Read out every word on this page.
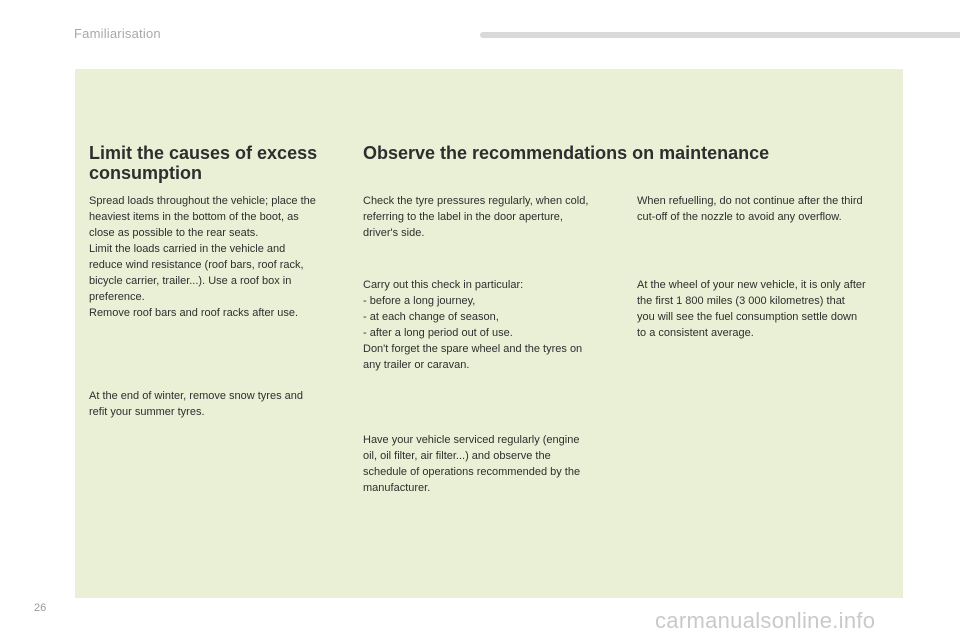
Familiarisation
Limit the causes of excess consumption
Spread loads throughout the vehicle; place the
heaviest items in the bottom of the boot, as
close as possible to the rear seats.
Limit the loads carried in the vehicle and
reduce wind resistance (roof bars, roof rack,
bicycle carrier, trailer...). Use a roof box in
preference.
Remove roof bars and roof racks after use.
At the end of winter, remove snow tyres and
refit your summer tyres.
Observe the recommendations on maintenance
Check the tyre pressures regularly, when cold,
referring to the label in the door aperture,
driver's side.
Carry out this check in particular:
- before a long journey,
- at each change of season,
- after a long period out of use.
Don't forget the spare wheel and the tyres on
any trailer or caravan.
Have your vehicle serviced regularly (engine
oil, oil filter, air filter...) and observe the
schedule of operations recommended by the
manufacturer.
When refuelling, do not continue after the third
cut-off of the nozzle to avoid any overflow.
At the wheel of your new vehicle, it is only after
the first 1 800 miles (3 000 kilometres) that
you will see the fuel consumption settle down
to a consistent average.
26	carmanualsonline.info
